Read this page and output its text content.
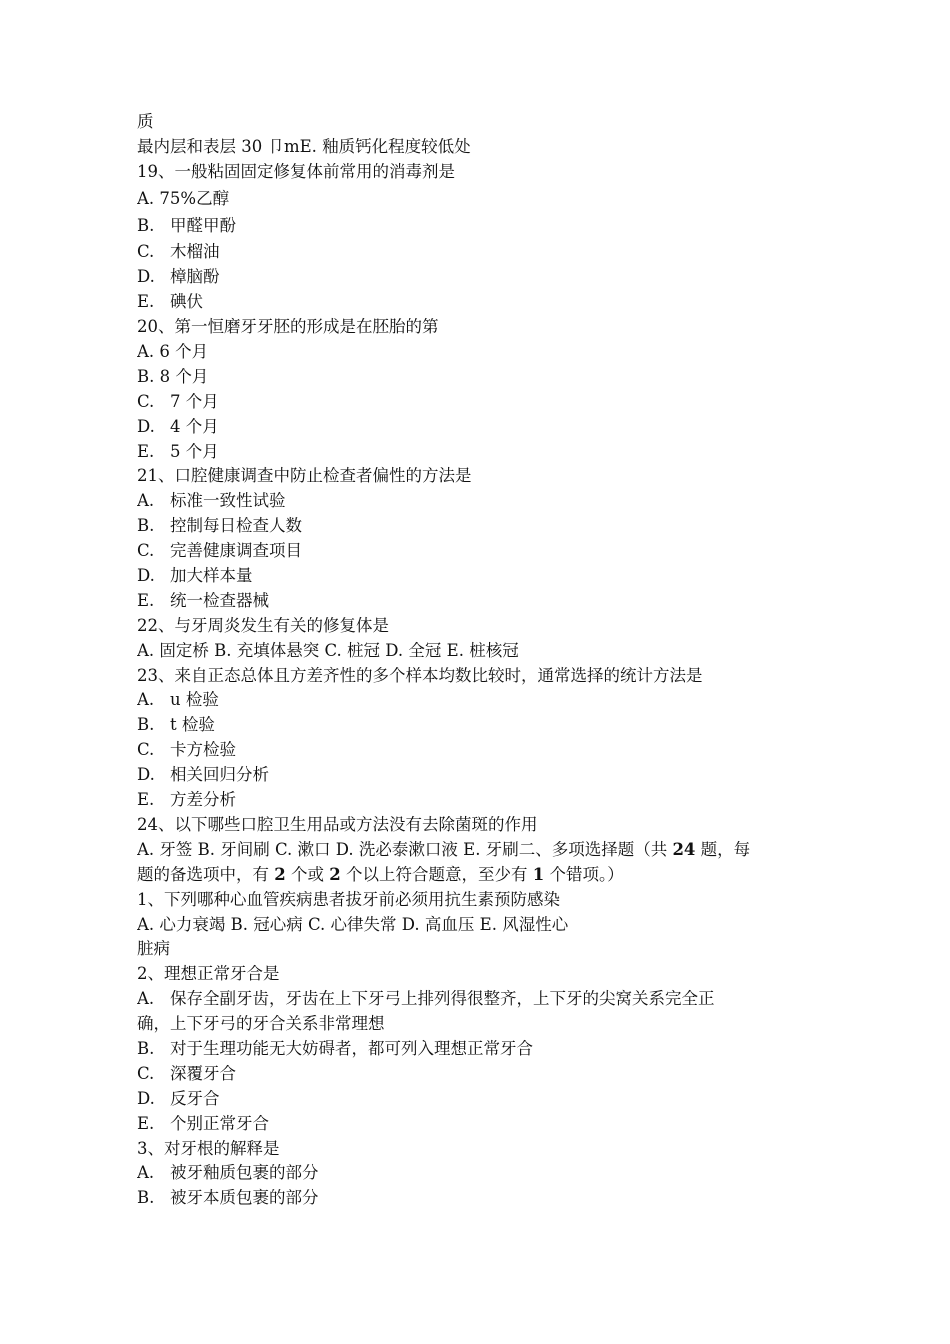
质
最内层和表层 30 卩mE. 釉质钙化程度较低处
19、一般粘固固定修复体前常用的消毒剂是
A. 75%乙醇
B. 甲醛甲酚
C. 木榴油
D. 樟脑酚
E. 碘伏
20、第一恒磨牙牙胚的形成是在胚胎的第
A. 6 个月
B. 8 个月
C. 7 个月
D. 4 个月
E. 5 个月
21、口腔健康调查中防止检查者偏性的方法是
A. 标准一致性试验
B. 控制每日检查人数
C. 完善健康调查项目
D. 加大样本量
E. 统一检查器械
22、与牙周炎发生有关的修复体是
A. 固定桥 B. 充填体悬突 C. 桩冠 D. 全冠 E. 桩核冠
23、来自正态总体且方差齐性的多个样本均数比较时，通常选择的统计方法是
A. u 检验
B. t 检验
C. 卡方检验
D. 相关回归分析
E. 方差分析
24、以下哪些口腔卫生用品或方法没有去除菌斑的作用
A. 牙签 B. 牙间刷 C. 漱口 D. 洗必泰漱口液 E. 牙刷二、多项选择题（共 24 题，每
题的备选项中，有 2 个或 2 个以上符合题意，至少有 1 个错项。）
1、下列哪种心血管疾病患者拔牙前必须用抗生素预防感染
A. 心力衰竭 B. 冠心病 C. 心律失常 D. 高血压 E. 风湿性心
脏病
2、理想正常牙合是
A. 保存全副牙齿，牙齿在上下牙弓上排列得很整齐，上下牙的尖窝关系完全正
确，上下牙弓的牙合关系非常理想
B. 对于生理功能无大妨碍者，都可列入理想正常牙合
C. 深覆牙合
D. 反牙合
E. 个别正常牙合
3、对牙根的解释是
A. 被牙釉质包裹的部分
B. 被牙本质包裹的部分
